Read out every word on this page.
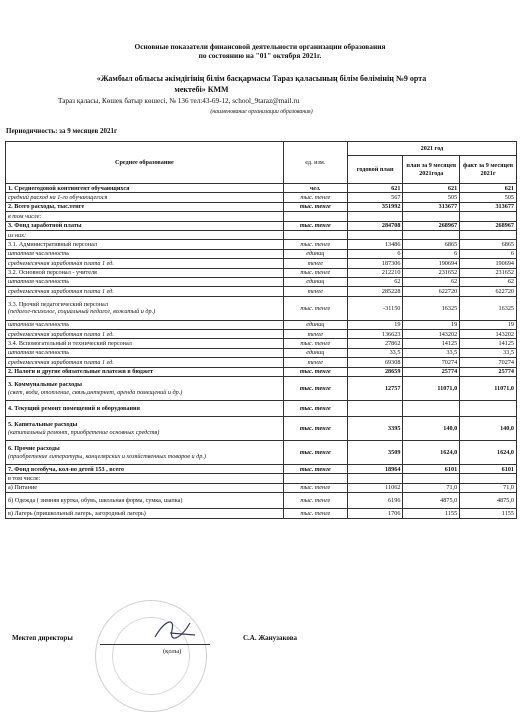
Основные показатели финансовой деятельности организации образования
по состоянию на "01" октября 2021г.
«Жамбыл облысы әкімдігінің білім басқармасы Тараз қаласының білім бөлімінің №9 орта
мектебі» КММ
(наименование организации образования)
Тараз қаласы, Көшек батыр көшесі, № 136 тел:43-69-12, school_9taraz@mail.ru
Периодичность: за 9 месяцев 2021г
Среднее образование	ед. изм.	2021 год		
		годовой план	план за 9 месяцев 2021года	факт за 9 месяцев 2021г
1. Среднегодовой контингент обучающихся	чел.	621	621	621
средний расход на 1-го обучающегося	тыс. тенге	567	505	505
2. Всего расходы, тыс.тенге	тыс. тенге	351992	313677	313677
в том числе:				
3. Фонд заработной платы	тыс. тенге	284708	268967	268967
из них:				
3.1. Административный персонал	тыс. тенге	13486	6865	6865
штатная численность	единиц	6	6	6
среднемесячная заработная плата 1 ед.	тенге	187306	190694	190694
3.2. Основной персонал - учителя	тыс. тенге	212210	231652	231652
штатная численность	единиц	62	62	62
среднемесячная заработная плата 1 ед.	тенге	285228	622720	622720
3.3. Прочий педагогический персонал
(педагог-психолог, социальный педагог, вожатый и др.)	тыс. тенге	-31150	16325	16325
штатная численность	единиц	19	19	19
среднемесячная заработная плата 1 ед.	тенге	136623	143202	143202
3.4. Вспомогательный и технический персонал	тыс. тенге	27862	14125	14125
штатная численность	единиц	33,5	33,5	33,5
среднемесячная заработная плата 1 ед.	тенге	69308	70274	70274
2. Налоги и другие обязательные платежи в бюджет	тыс. тенге	28659	25774	25774
3. Коммунальные расходы
(свет, вода, отопление, связь,интернет, аренда помещений и др.)	тыс. тенге	12757	11071,0	11071,0
4. Текущий ремонт помещений и оборудования	тыс. тенге			
5. Капитальные расходы
(капитальный ремонт, приобретение основных средств)	тыс. тенге	3395	140,0	140,0
6. Прочие расходы
(приобретение литературы, канцелярских и хозяйственных товаров и др.)	тыс. тенге	3509	1624,0	1624,0
7. Фонд всеобуча, кол-во детей 153 , всего	тыс. тенге	18964	6101	6101
в том числе:				
а) Питание	тыс. тенге	11062	71,0	71,0
б) Одежда ( зимняя куртка, обувь, школьная форма, сумка, шапка)	тыс. тенге	6196	4875,0	4875,0
в) Лагерь (пришкольный лагерь, загородный лагерь)	тыс. тенге	1706	1155	1155
Мектеп директоры	С.А. Жанузакова
(қолы)
